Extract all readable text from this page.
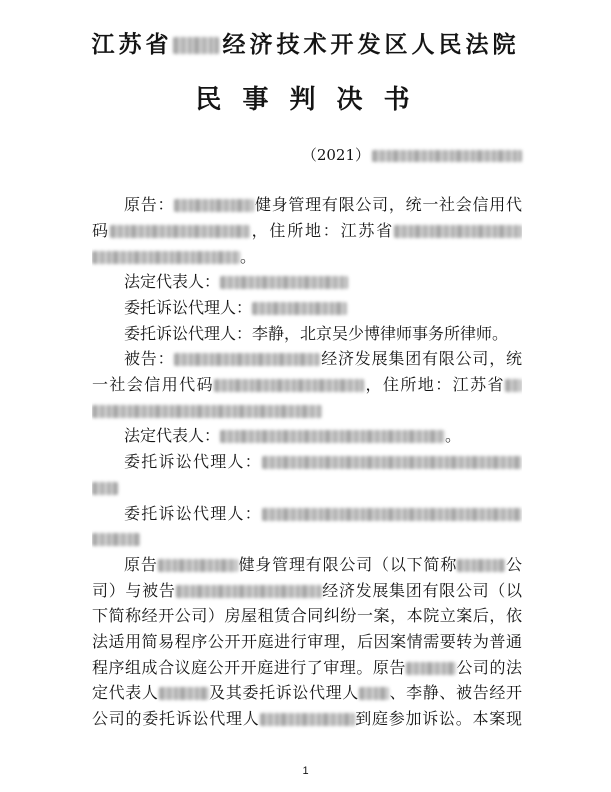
江苏省 经济技术开发区人民法院
民 事 判 决 书
（2021）
原告：	健身管理有限公司，统一社会信用代
码	，住所地：江苏省
。
法定代表人：
委托诉讼代理人：
委托诉讼代理人：李静，北京吴少博律师事务所律师。
被告：	经济发展集团有限公司，统
一社会信用代码	，住所地：江苏省
法定代表人：	。
委托诉讼代理人：
委托诉讼代理人：
原告	健身管理有限公司（以下简称	公
司）与被告	经济发展集团有限公司（以
下简称经开公司）房屋租赁合同纠纷一案，本院立案后，依
法适用简易程序公开开庭进行审理，后因案情需要转为普通
程序组成合议庭公开开庭进行了审理。原告	公司的法
定代表人	及其委托诉讼代理人 、李静、被告经开
公司的委托诉讼代理人	到庭参加诉讼。本案现
1
